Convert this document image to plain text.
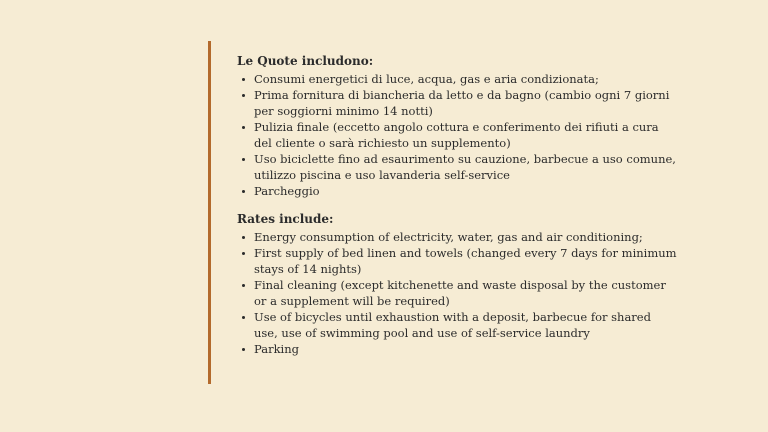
Le Quote includono:
Consumi energetici di luce, acqua, gas e aria condizionata;
Prima fornitura di biancheria da letto e da bagno (cambio ogni 7 giorni per soggiorni minimo 14 notti)
Pulizia finale (eccetto angolo cottura e conferimento dei rifiuti a cura del cliente o sarà richiesto un supplemento)
Uso biciclette fino ad esaurimento su cauzione, barbecue a uso comune, utilizzo piscina e uso lavanderia self-service
Parcheggio
Rates include:
Energy consumption of electricity, water, gas and air conditioning;
First supply of bed linen and towels (changed every 7 days for minimum stays of 14 nights)
Final cleaning (except kitchenette and waste disposal by the customer or a supplement will be required)
Use of bicycles until exhaustion with a deposit, barbecue for shared use, use of swimming pool and use of self-service laundry
Parking
